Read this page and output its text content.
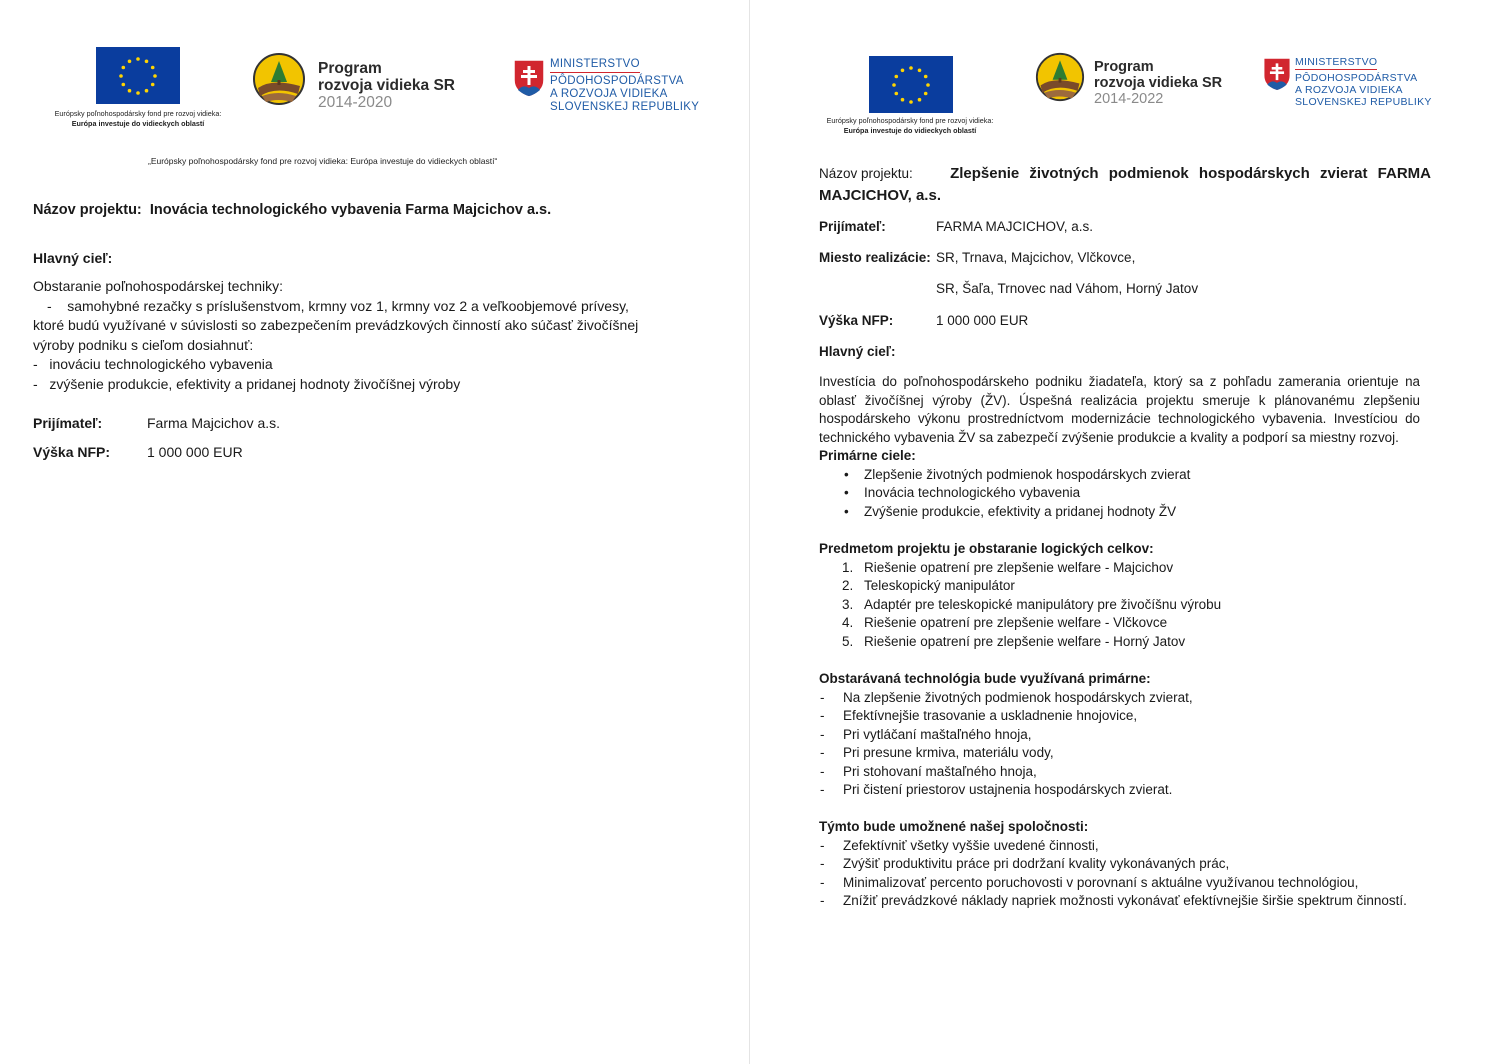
Európsky poľnohospodársky fond pre rozvoj vidieka:
Európa investuje do vidieckych oblastí
Program
rozvoja vidieka SR
2014-2020
MINISTERSTVO
PÔDOHOSPODÁRSTVA
A ROZVOJA VIDIEKA
SLOVENSKEJ REPUBLIKY
„Európsky poľnohospodársky fond pre rozvoj vidieka: Európa investuje do vidieckych oblastí“
Názov projektu: Inovácia technologického vybavenia Farma Majcichov a.s.
Hlavný cieľ:
Obstaranie poľnohospodárskej techniky:
-    samohybné rezačky s príslušenstvom, krmny voz 1, krmny voz 2 a veľkoobjemové prívesy,
ktoré budú využívané v súvislosti so zabezpečením prevádzkových činností ako súčasť živočíšnej
výroby podniku s cieľom dosiahnuť:
-   inováciu technologického vybavenia
-   zvýšenie produkcie, efektivity a pridanej hodnoty živočíšnej výroby
Prijímateľ:	Farma Majcichov a.s.
Výška NFP:	1 000 000 EUR
Európsky poľnohospodársky fond pre rozvoj vidieka:
Európa investuje do vidieckych oblastí
Program
rozvoja vidieka SR
2014-2022
MINISTERSTVO
PÔDOHOSPODÁRSTVA
A ROZVOJA VIDIEKA
SLOVENSKEJ REPUBLIKY
Názov projektu: Zlepšenie životných podmienok hospodárskych zvierat FARMA
MAJCICHOV, a.s.
Prijímateľ:	FARMA MAJCICHOV, a.s.
Miesto realizácie: SR, Trnava, Majcichov, Vlčkovce,
SR, Šaľa, Trnovec nad Váhom, Horný Jatov
Výška NFP:	1 000 000 EUR
Hlavný cieľ:
Investícia do poľnohospodárskeho podniku žiadateľa, ktorý sa z pohľadu zamerania orientuje na oblasť živočíšnej výroby (ŽV). Úspešná realizácia projektu smeruje k plánovanému zlepšeniu hospodárskeho výkonu prostredníctvom modernizácie technologického vybavenia. Investíciou do technického vybavenia ŽV sa zabezpečí zvýšenie produkcie a kvality a podporí sa miestny rozvoj.
Primárne ciele:
• Zlepšenie životných podmienok hospodárskych zvierat
• Inovácia technologického vybavenia
• Zvýšenie produkcie, efektivity a pridanej hodnoty ŽV
Predmetom projektu je obstaranie logických celkov:
1. Riešenie opatrení pre zlepšenie welfare - Majcichov
2. Teleskopický manipulátor
3. Adaptér pre teleskopické manipulátory pre živočíšnu výrobu
4. Riešenie opatrení pre zlepšenie welfare - Vlčkovce
5. Riešenie opatrení pre zlepšenie welfare - Horný Jatov
Obstarávaná technológia bude využívaná primárne:
- Na zlepšenie životných podmienok hospodárskych zvierat,
- Efektívnejšie trasovanie a uskladnenie hnojovice,
- Pri vytláčaní maštaľného hnoja,
- Pri presune krmiva, materiálu vody,
- Pri stohovaní maštaľného hnoja,
- Pri čistení priestorov ustajnenia hospodárskych zvierat.
Týmto bude umožnené našej spoločnosti:
- Zefektívniť všetky vyššie uvedené činnosti,
- Zvýšiť produktivitu práce pri dodržaní kvality vykonávaných prác,
- Minimalizovať percento poruchovosti v porovnaní s aktuálne využívanou technológiou,
- Znížiť prevádzkové náklady napriek možnosti vykonávať efektívnejšie širšie spektrum činností.
